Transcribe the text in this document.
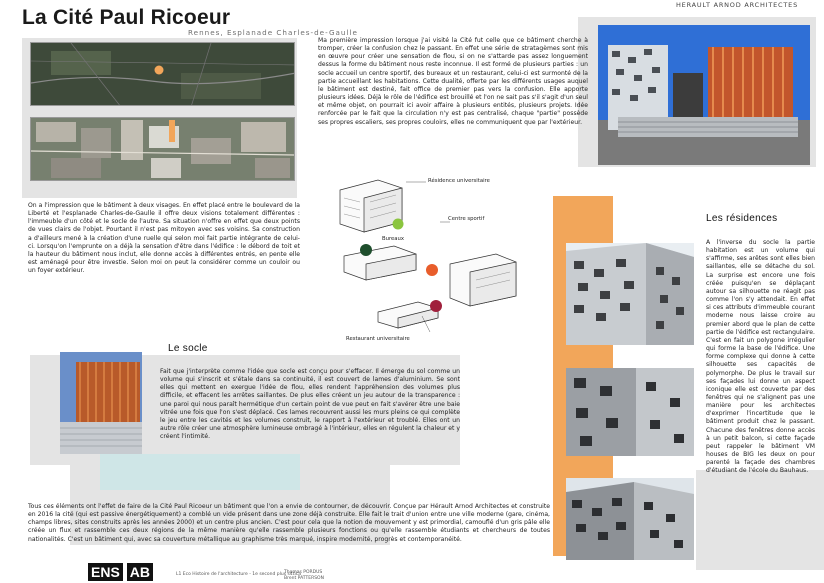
La Cité Paul Ricoeur
Rennes, Esplanade Charles-de-Gaulle
HERAULT ARNOD ARCHITECTES
Ma première impression lorsque j'ai visité la Cité fut celle que ce bâtiment cherche à tromper, créer la confusion chez le passant. En effet une série de stratagèmes sont mis en œuvre pour créer une sensation de flou, si on ne s'attarde pas assez longuement dessus la forme du bâtiment nous reste inconnue. Il est formé de plusieurs parties : un socle accueil un centre sportif, des bureaux et un restaurant, celui-ci est surmonté de la partie accueillant les habitations. Cette dualité, offerte par les différents usages auquel le bâtiment est destiné, fait office de premier pas vers la confusion. Elle apporte plusieurs idées. Déjà le rôle de l'édifice est brouillé et l'on ne sait pas s'il s'agit d'un seul et même objet, on pourrait ici avoir affaire à plusieurs entités, plusieurs projets. Idée renforcée par le fait que la circulation n'y est pas centralisé, chaque "partie" possède ses propres escaliers, ses propres couloirs, elles ne communiquent que par l'extérieur.
On a l'impression que le bâtiment à deux visages. En effet placé entre le boulevard de la Liberté et l'esplanade Charles-de-Gaulle il offre deux visions totalement différentes : l'immeuble d'un côté et le socle de l'autre. Sa situation n'offre en effet que deux points de vues clairs de l'objet. Pourtant il n'est pas mitoyen avec ses voisins. Sa construction a d'ailleurs mené à la création d'une ruelle qui selon moi fait partie intégrante de celui-ci. Lorsqu'on l'emprunte on a déjà la sensation d'être dans l'édifice : le débord de toit et la hauteur du bâtiment nous inclut, elle donne accès à différentes entrés, en pente elle est aménagé pour être investie. Selon moi on peut la considérer comme un couloir ou un foyer extérieur.
Résidence universitaire
Centre sportif
Bureaux
Restaurant universitaire
Le socle
Fait que j'interprète comme l'idée que socle est conçu pour s'effacer. Il émerge du sol comme un volume qui s'inscrit et s'étale dans sa continuité, il est couvert de lames d'aluminium. Se sont elles qui mettent en exergue l'idée de flou, elles rendent l'appréhension des volumes plus difficile, et effacent les arrêtes saillantes. De plus elles créent un jeu autour de la transparence : une paroi qui nous paraît hermétique d'un certain point de vue peut en fait s'avérer être une baie vitrée une fois que l'on s'est déplacé. Ces lames recouvrent aussi les murs pleins ce qui complète le jeu entre les cavités et les volumes construit, le rapport à l'extérieur et troublé. Elles ont un autre rôle créer une atmosphère lumineuse ombragé à l'intérieur, elles en régulent la chaleur et y créent l'intimité.
Les résidences
A l'inverse du socle la partie habitation est un volume qui s'affirme, ses arêtes sont elles bien saillantes, elle se détache du sol. La surprise est encore une fois créée puisqu'en se déplaçant autour sa silhouette ne réagit pas comme l'on s'y attendait. En effet si ces attributs d'immeuble courant moderne nous laisse croire au premier abord que le plan de cette partie de l'édifice est rectangulaire. C'est en fait un polygone irrégulier qui forme la base de l'édifice. Une forme complexe qui donne à cette silhouette ses capacités de polymorphe. De plus le travail sur ses façades lui donne un aspect iconique elle est couverte par des fenêtres qui ne s'alignent pas une manière pour les architectes d'exprimer l'incertitude que le bâtiment produit chez le passant. Chacune des fenêtres donne accès à un petit balcon, si cette façade peut rappeler le bâtiment VM houses de BIG les deux on pour parenté la façade des chambres d'étudiant de l'école du Bauhaus.
Tous ces éléments ont l'effet de faire de la Cité Paul Ricoeur un bâtiment que l'on a envie de contourner, de découvrir. Conçue par Hérault Arnod Architectes et construite en 2016 la cité (qui est passive énergétiquement) a comblé un vide présent dans une zone déjà construite. Elle fait le trait d'union entre une ville moderne (gare, cinéma, champs libres, sites construits après les années 2000) et un centre plus ancien. C'est pour cela que la notion de mouvement y est primordial, camouflé d'un gris pâle elle créée un flux et rassemble ces deux régions de la même manière qu'elle rassemble plusieurs fonctions ou qu'elle rassemble étudiants et chercheurs de toutes nationalités. C'est un bâtiment qui, avec sa couverture métallique au graphisme très marqué, inspire modernité, progrès et contemporanéité.
ENS AB	L1 Eco Histoire de l'architecture - 1e second plus s4tica
Thomas PORDUS
Brent PATTERSON
